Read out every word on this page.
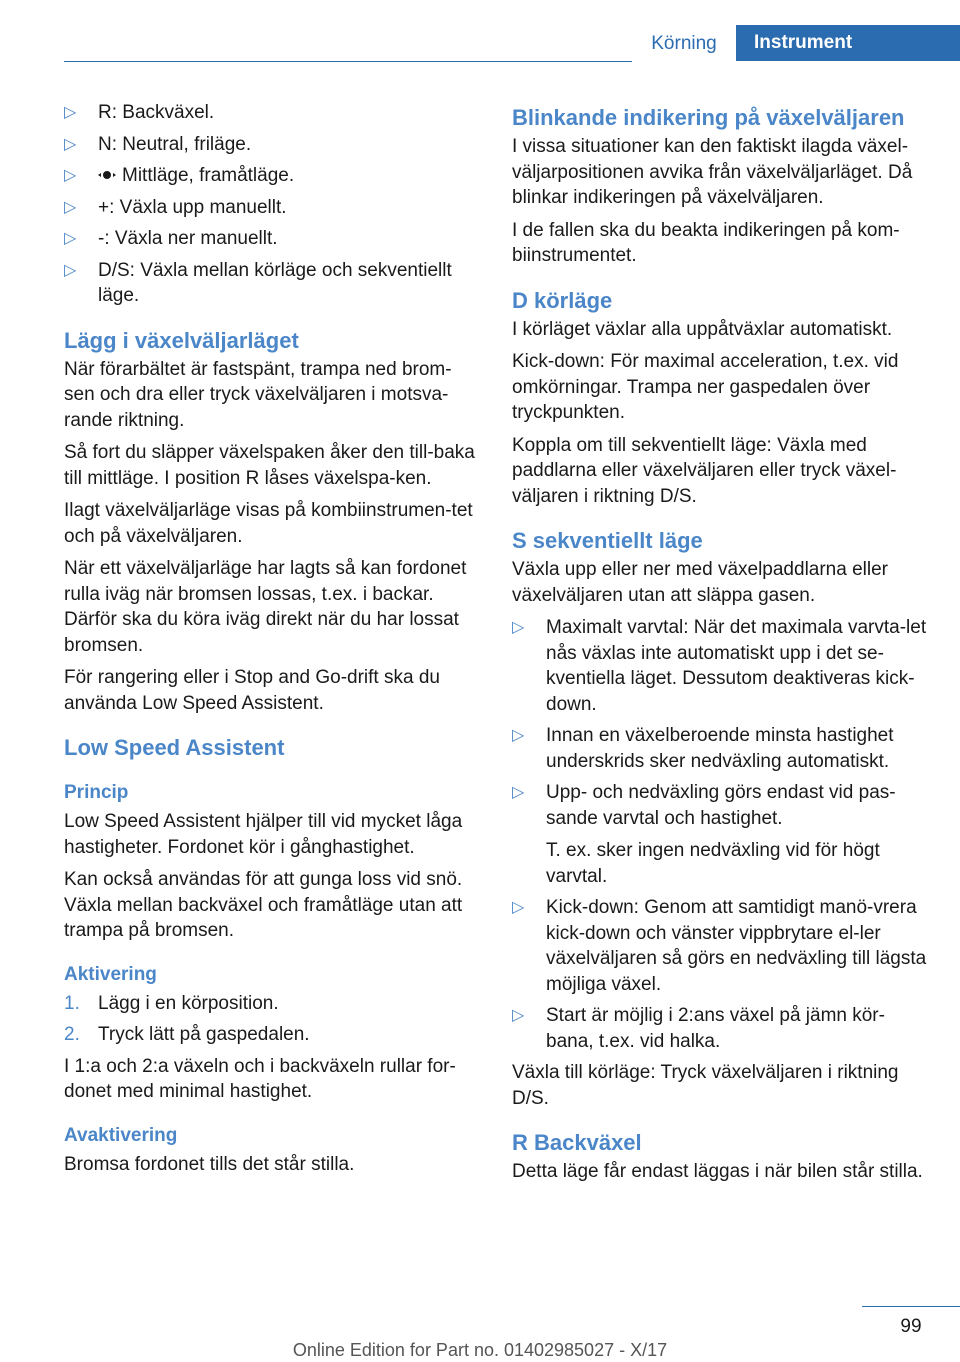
Körning	Instrument
▷ R: Backväxel.
▷ N: Neutral, friläge.
▷ Mittläge, framåtläge.
▷ +: Växla upp manuellt.
▷ -: Växla ner manuellt.
▷ D/S: Växla mellan körläge och sekventiellt läge.
Lägg i växelväljarläget

När förarbältet är fastspänt, trampa ned brom-sen och dra eller tryck växelväljaren i motsva-rande riktning.

Så fort du släpper växelspaken åker den till-baka till mittläge. I position R låses växelspa-ken.

Ilagt växelväljarläge visas på kombiinstrumen-tet och på växelväljaren.

När ett växelväljarläge har lagts så kan fordonet rulla iväg när bromsen lossas, t.ex. i backar. Därför ska du köra iväg direkt när du har lossat bromsen.

För rangering eller i Stop and Go-drift ska du använda Low Speed Assistent.

Low Speed Assistent
Princip

Low Speed Assistent hjälper till vid mycket låga hastigheter. Fordonet kör i gånghastighet.

Kan också användas för att gunga loss vid snö. Växla mellan backväxel och framåtläge utan att trampa på bromsen.

Aktivering
1. Lägg i en körposition.
2. Tryck lätt på gaspedalen.

I 1:a och 2:a växeln och i backväxeln rullar for-donet med minimal hastighet.

Avaktivering

Bromsa fordonet tills det står stilla.

Blinkande indikering på växelväljaren

I vissa situationer kan den faktiskt ilagda växel-väljarpositionen avvika från växelväljarläget. Då blinkar indikeringen på växelväljaren.

I de fallen ska du beakta indikeringen på kom-biinstrumentet.

D körläge

I körläget växlar alla uppåtväxlar automatiskt.

Kick-down: För maximal acceleration, t.ex. vid omkörningar. Trampa ner gaspedalen över tryckpunkten.

Koppla om till sekventiellt läge: Växla med paddlarna eller växelväljaren eller tryck växel-väljaren i riktning D/S.

S sekventiellt läge

Växla upp eller ner med växelpaddlarna eller växelväljaren utan att släppa gasen.

▷ Maximalt varvtal: När det maximala varvta-let nås växlas inte automatiskt upp i det se-kventiella läget. Dessutom deaktiveras kick-down.
▷ Innan en växelberoende minsta hastighet underskrids sker nedväxling automatiskt.
▷ Upp- och nedväxling görs endast vid pas-sande varvtal och hastighet.
T. ex. sker ingen nedväxling vid för högt varvtal.
▷ Kick-down: Genom att samtidigt manö-vrera kick-down och vänster vippbrytare el-ler växelväljaren så görs en nedväxling till lägsta möjliga växel.
▷ Start är möjlig i 2:ans växel på jämn kör-bana, t.ex. vid halka.

Växla till körläge: Tryck växelväljaren i riktning D/S.

R Backväxel

Detta läge får endast läggas i när bilen står stilla.

99
Online Edition for Part no. 01402985027 - X/17
